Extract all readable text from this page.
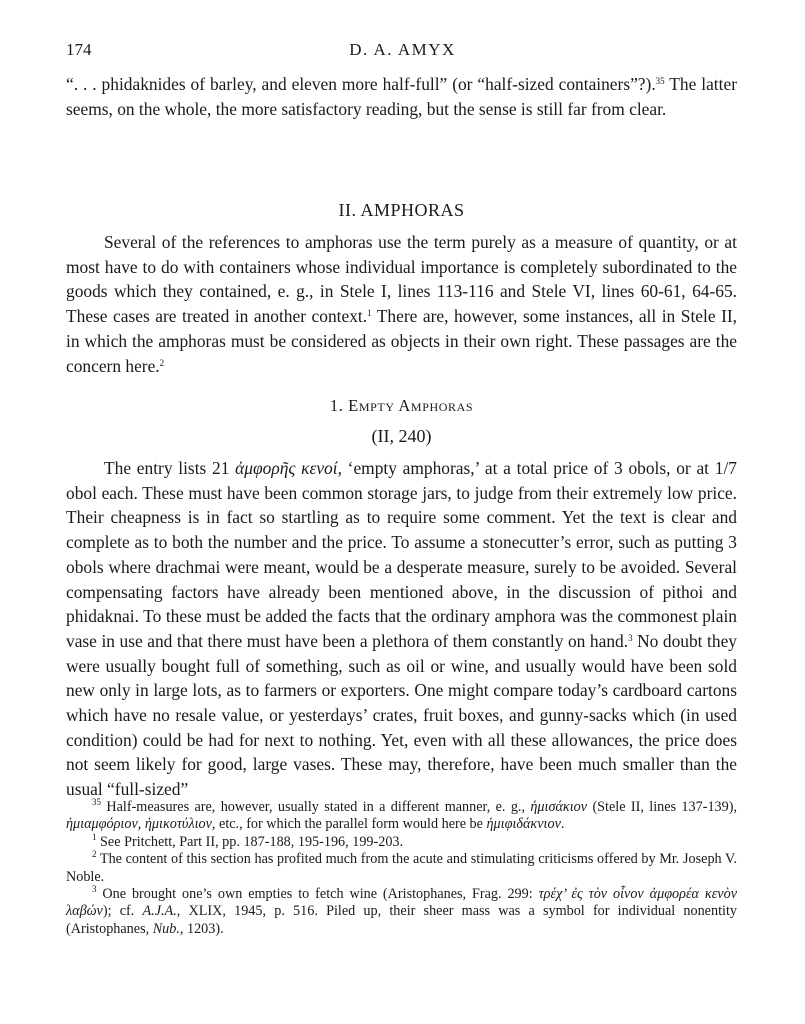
174	D. A. AMYX

“. . . phidaknides of barley, and eleven more half-full” (or “half-sized containers”?).$^{35}$ The latter seems, on the whole, the more satisfactory reading, but the sense is still far from clear.

II. AMPHORAS

Several of the references to amphoras use the term purely as a measure of quantity, or at most have to do with containers whose individual importance is completely subordinated to the goods which they contained, e. g., in Stele I, lines 113-116 and Stele VI, lines 60-61, 64-65. These cases are treated in another context.$^1$ There are, however, some instances, all in Stele II, in which the amphoras must be considered as objects in their own right. These passages are the concern here.$^2$

1. Empty Amphoras
(II, 240)

The entry lists 21 ἀμφορῆς κενοί, ‘empty amphoras,’ at a total price of 3 obols, or at 1/7 obol each. These must have been common storage jars, to judge from their extremely low price. Their cheapness is in fact so startling as to require some comment. Yet the text is clear and complete as to both the number and the price. To assume a stonecutter’s error, such as putting 3 obols where drachmai were meant, would be a desperate measure, surely to be avoided. Several compensating factors have already been mentioned above, in the discussion of pithoi and phidaknai. To these must be added the facts that the ordinary amphora was the commonest plain vase in use and that there must have been a plethora of them constantly on hand.$^3$ No doubt they were usually bought full of something, such as oil or wine, and usually would have been sold new only in large lots, as to farmers or exporters. One might compare today’s cardboard cartons which have no resale value, or yesterdays’ crates, fruit boxes, and gunny-sacks which (in used condition) could be had for next to nothing. Yet, even with all these allowances, the price does not seem likely for good, large vases. These may, therefore, have been much smaller than the usual “full-sized”

$^{35}$ Half-measures are, however, usually stated in a different manner, e. g., ἡμισάκιον (Stele II, lines 137-139), ἡμιαμφόριον, ἡμικοτύλιον, etc., for which the parallel form would here be ἡμιφιδάκνιον.

$^1$ See Pritchett, Part II, pp. 187-188, 195-196, 199-203.

$^2$ The content of this section has profited much from the acute and stimulating criticisms offered by Mr. Joseph V. Noble.

$^3$ One brought one’s own empties to fetch wine (Aristophanes, Frag. 299: τρέχ’ ἐς τὸν οἶνον ἀμφορέα κενὸν λαβών); cf. A.J.A., XLIX, 1945, p. 516. Piled up, their sheer mass was a symbol for individual nonentity (Aristophanes, Nub., 1203).
